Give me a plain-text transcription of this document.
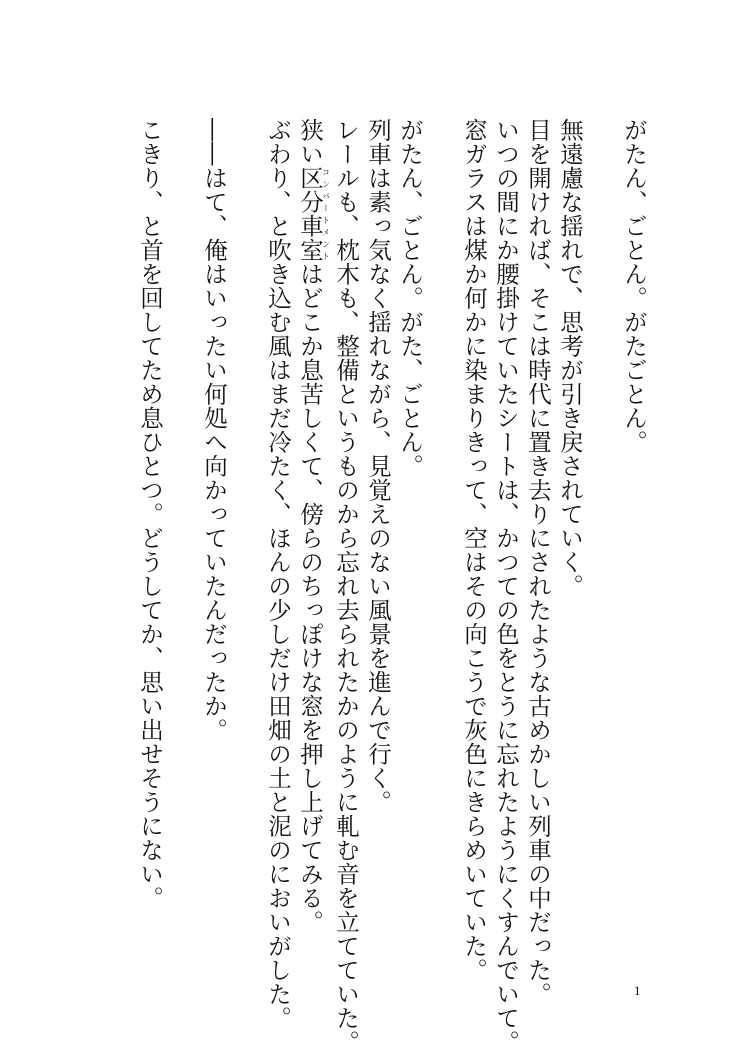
がたん、ごとん。がたごとん。

無遠慮な揺れで、思考が引き戻されていく。

目を開ければ、そこは時代に置き去りにされたような古めかしい列車の中だった。

いつの間にか腰掛けていたシートは、かつての色をとうに忘れたようにくすんでいて。

窓ガラスは煤か何かに染まりきって、空はその向こうで灰色にきらめいていた。

がたん、ごとん。がた、ごとん。

列車は素っ気なく揺れながら、見覚えのない風景を進んで行く。

レールも、枕木も、整備というものから忘れ去られたかのように軋む音を立てていた。

狭い区分車室コンパートメントはどこか息苦しくて、傍らのちっぽけな窓を押し上げてみる。

ぶわり、と吹き込む風はまだ冷たく、ほんの少しだけ田畑の土と泥のにおいがした。

――はて、俺はいったい何処へ向かっていたんだったか。

こきり、と首を回してため息ひとつ。どうしてか、思い出せそうにない。

1
